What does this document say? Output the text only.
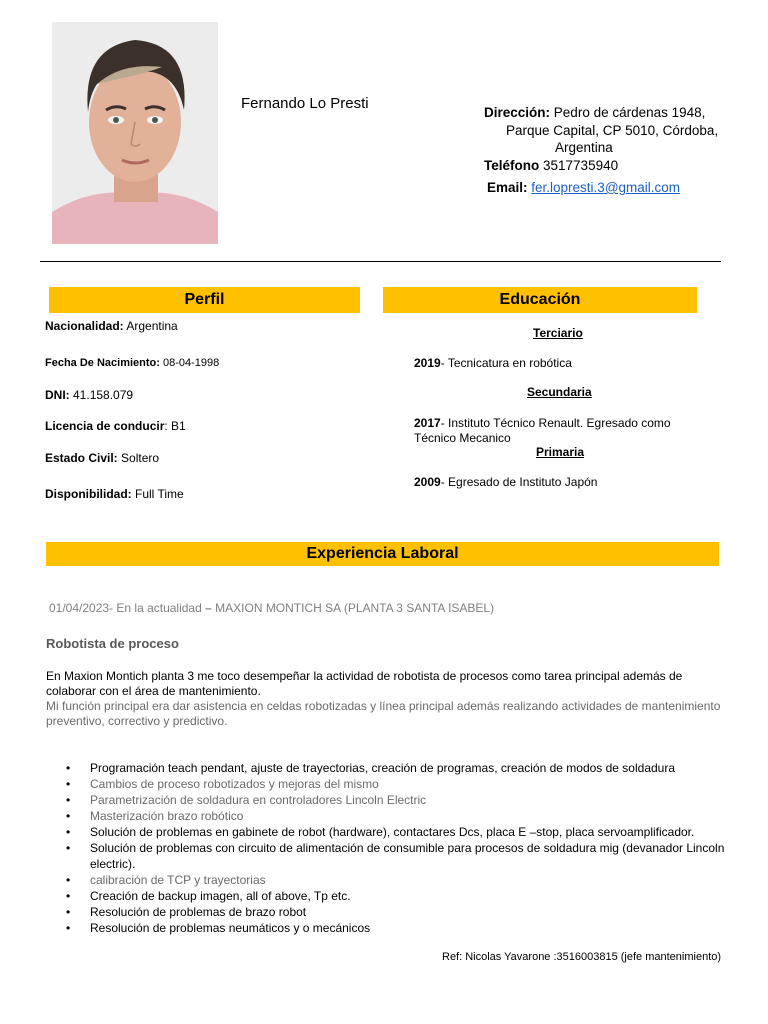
Fernando Lo Presti
Dirección: Pedro de cárdenas 1948,
Parque Capital, CP 5010, Córdoba,
Argentina
Teléfono 3517735940
Email: fer.lopresti.3@gmail.com
Perfil
Nacionalidad: Argentina
Fecha De Nacimiento: 08-04-1998
DNI: 41.158.079
Licencia de conducir: B1
Estado Civil: Soltero
Disponibilidad: Full Time
Educación
Terciario
2019- Tecnicatura en robótica
Secundaria
2017- Instituto Técnico Renault. Egresado como Técnico Mecanico
Primaria
2009- Egresado de Instituto Japón
Experiencia Laboral
01/04/2023- En la actualidad – MAXION MONTICH SA (PLANTA 3 SANTA ISABEL)
Robotista de proceso
En Maxion Montich planta 3 me toco desempeñar la actividad de robotista de procesos como tarea principal además de colaborar con el área de mantenimiento.
Mi función principal era dar asistencia en celdas robotizadas y línea principal además realizando actividades de mantenimiento preventivo, correctivo y predictivo.
• Programación teach pendant, ajuste de trayectorias, creación de programas, creación de modos de soldadura
• Cambios de proceso robotizados y mejoras del mismo
• Parametrización de soldadura en controladores Lincoln Electric
• Masterización brazo robótico
• Solución de problemas en gabinete de robot (hardware), contactares Dcs, placa E –stop, placa servoamplificador.
• Solución de problemas con circuito de alimentación de consumible para procesos de soldadura mig (devanador Lincoln electric).
• calibración de TCP y trayectorias
• Creación de backup imagen, all of above, Tp etc.
• Resolución de problemas de brazo robot
• Resolución de problemas neumáticos y o mecánicos
Ref: Nicolas Yavarone :3516003815 (jefe mantenimiento)
